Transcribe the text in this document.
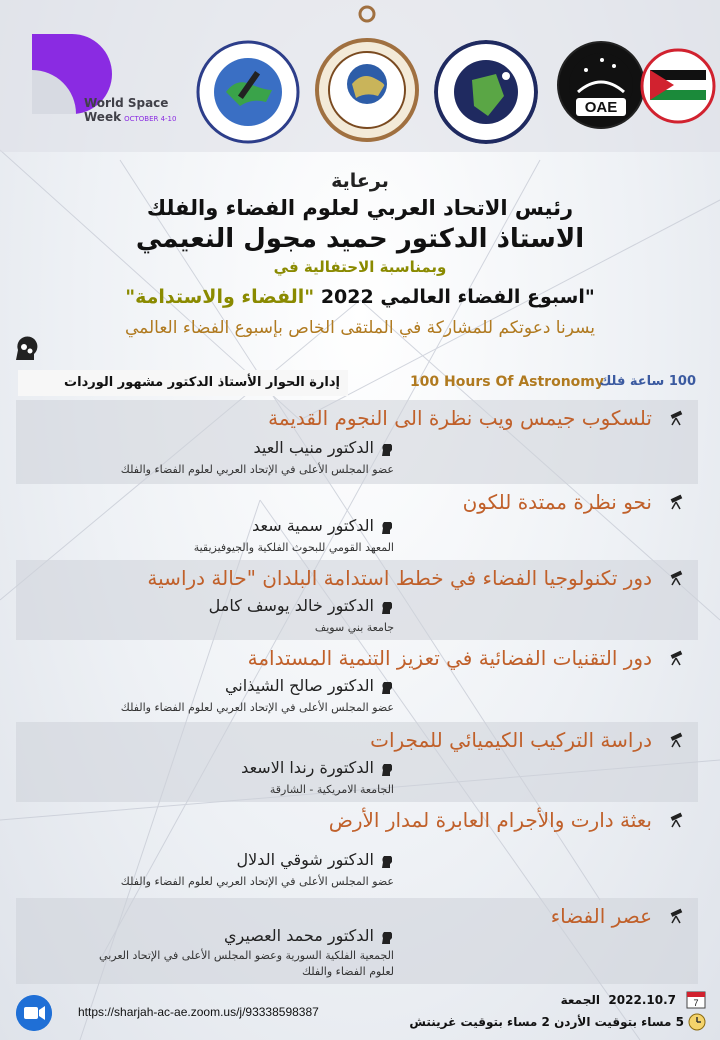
World Space
Week OCTOBER 4-10
OAE
برعاية
رئيس الاتحاد العربي لعلوم الفضاء والفلك
الاستاذ الدكتور حميد مجول النعيمي
وبمناسبة الاحتفالية في
"اسبوع الفضاء العالمي 2022 "الفضاء والاستدامة"
يسرنا دعوتكم للمشاركة في الملتقى الخاص بإسبوع الفضاء العالمي
إدارة الحوار الأستاذ الدكتور مشهور الوردات	100 Hours Of Astronomy
100 ساعة فلك
تلسكوب جيمس ويب نظرة الى النجوم القديمة
الدكتور منيب العيد
عضو المجلس الأعلى في الإتحاد العربي لعلوم الفضاء والفلك
نحو نظرة ممتدة للكون
الدكتور سمية سعد
المعهد القومي للبحوث الفلكية والجيوفيزيقية
دور تكنولوجيا الفضاء في خطط استدامة البلدان "حالة دراسية
الدكتور خالد يوسف كامل
جامعة بني سويف
دور التقنيات الفضائية في تعزيز التنمية المستدامة
الدكتور صالح الشيذاني
عضو المجلس الأعلى في الإتحاد العربي لعلوم الفضاء والفلك
دراسة التركيب الكيميائي للمجرات
الدكتورة رندا الاسعد
الجامعة الامريكية - الشارقة
بعثة دارت والأجرام العابرة لمدار الأرض
الدكتور شوقي الدلال
عضو المجلس الأعلى في الإتحاد العربي لعلوم الفضاء والفلك
عصر الفضاء
الدكتور محمد العصيري
الجمعية الفلكية السورية وعضو المجلس الأعلى في الإتحاد العربي
لعلوم الفضاء والفلك
https://sharjah-ac-ae.zoom.us/j/93338598387
الجمعة 2022.10.7 7
5 مساء بتوقيت الأردن 2 مساء بتوقيت غرينتش
